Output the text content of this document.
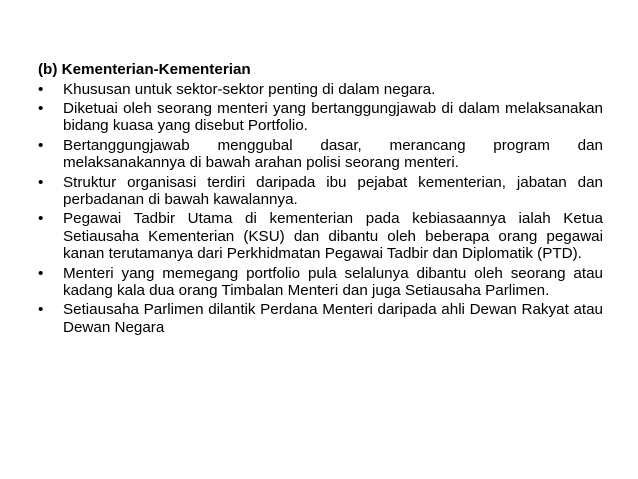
(b) Kementerian-Kementerian
•	Khususan untuk sektor-sektor penting di dalam negara.
•	Diketuai oleh seorang menteri yang bertanggungjawab di dalam melaksanakan bidang kuasa yang disebut Portfolio.
•	Bertanggungjawab menggubal dasar, merancang program dan melaksanakannya di bawah arahan polisi seorang menteri.
•	Struktur organisasi terdiri daripada ibu pejabat kementerian, jabatan dan perbadanan di bawah kawalannya.
•	Pegawai Tadbir Utama di kementerian pada kebiasaannya ialah Ketua Setiausaha Kementerian (KSU) dan dibantu oleh beberapa orang pegawai kanan terutamanya dari Perkhidmatan Pegawai Tadbir dan Diplomatik (PTD).
•	Menteri yang memegang portfolio pula selalunya dibantu oleh seorang atau kadang kala dua orang Timbalan Menteri dan juga Setiausaha Parlimen.
•	Setiausaha Parlimen dilantik Perdana Menteri daripada ahli Dewan Rakyat atau Dewan Negara
